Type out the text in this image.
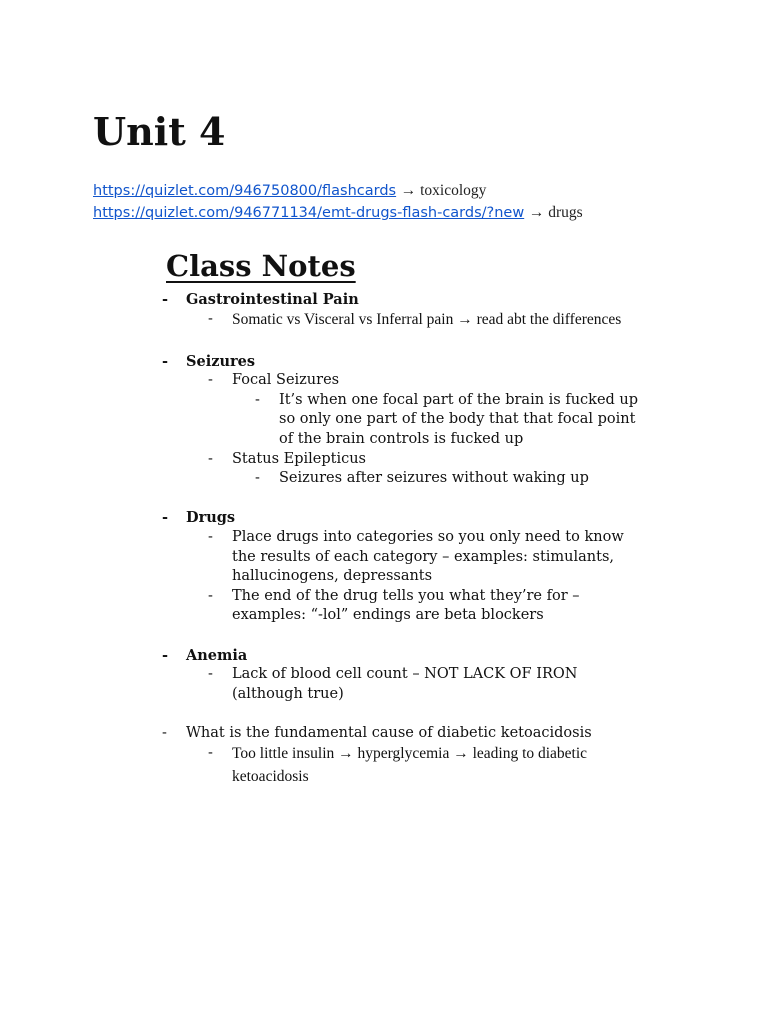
Unit 4
https://quizlet.com/946750800/flashcards → toxicology
https://quizlet.com/946771134/emt-drugs-flash-cards/?new → drugs
Class Notes
- Gastrointestinal Pain
- Somatic vs Visceral vs Inferral pain → read abt the differences
- Seizures
- Focal Seizures
- It’s when one focal part of the brain is fucked up
so only one part of the body that that focal point
of the brain controls is fucked up
- Status Epilepticus
- Seizures after seizures without waking up
- Drugs
- Place drugs into categories so you only need to know
the results of each category – examples: stimulants,
hallucinogens, depressants
- The end of the drug tells you what they’re for –
examples: “-lol” endings are beta blockers
- Anemia
- Lack of blood cell count – NOT LACK OF IRON
(although true)
- What is the fundamental cause of diabetic ketoacidosis
- Too little insulin → hyperglycemia → leading to diabetic
ketoacidosis
